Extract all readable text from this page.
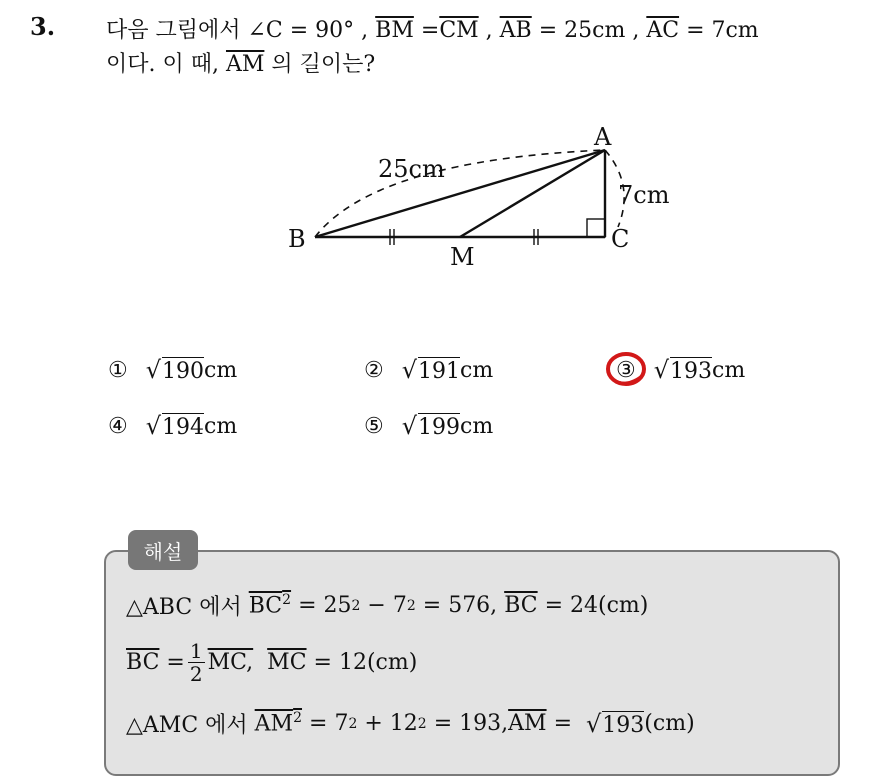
3. 다음 그림에서 ∠C = 90° , $\overline{BM} =\overline{CM}$ , $\overline{AB} = 25cm$ , $\overline{AC} = 7cm$
이다. 이 때, $\overline{AM}$ 의 길이는?
A
B	C
M
25cm
7cm
① √ 190 cm	② √ 191 cm	③ √ 193 cm
④ √ 194 cm	⑤ √ 199 cm
해설
△ABC 에서
$BC^2$
= 25 2
− 7 2
= 576,
$\overline{BC}$
= 24(cm)
$\overline{BC}$
= $\frac{1}{2}$ MC,
$\overline{MC}$
= 12(cm)
△AMC 에서
$AM^2$
= 7 2
+ 12 2
= 193, $\overline{AM}$
=
√ 193 (cm)
